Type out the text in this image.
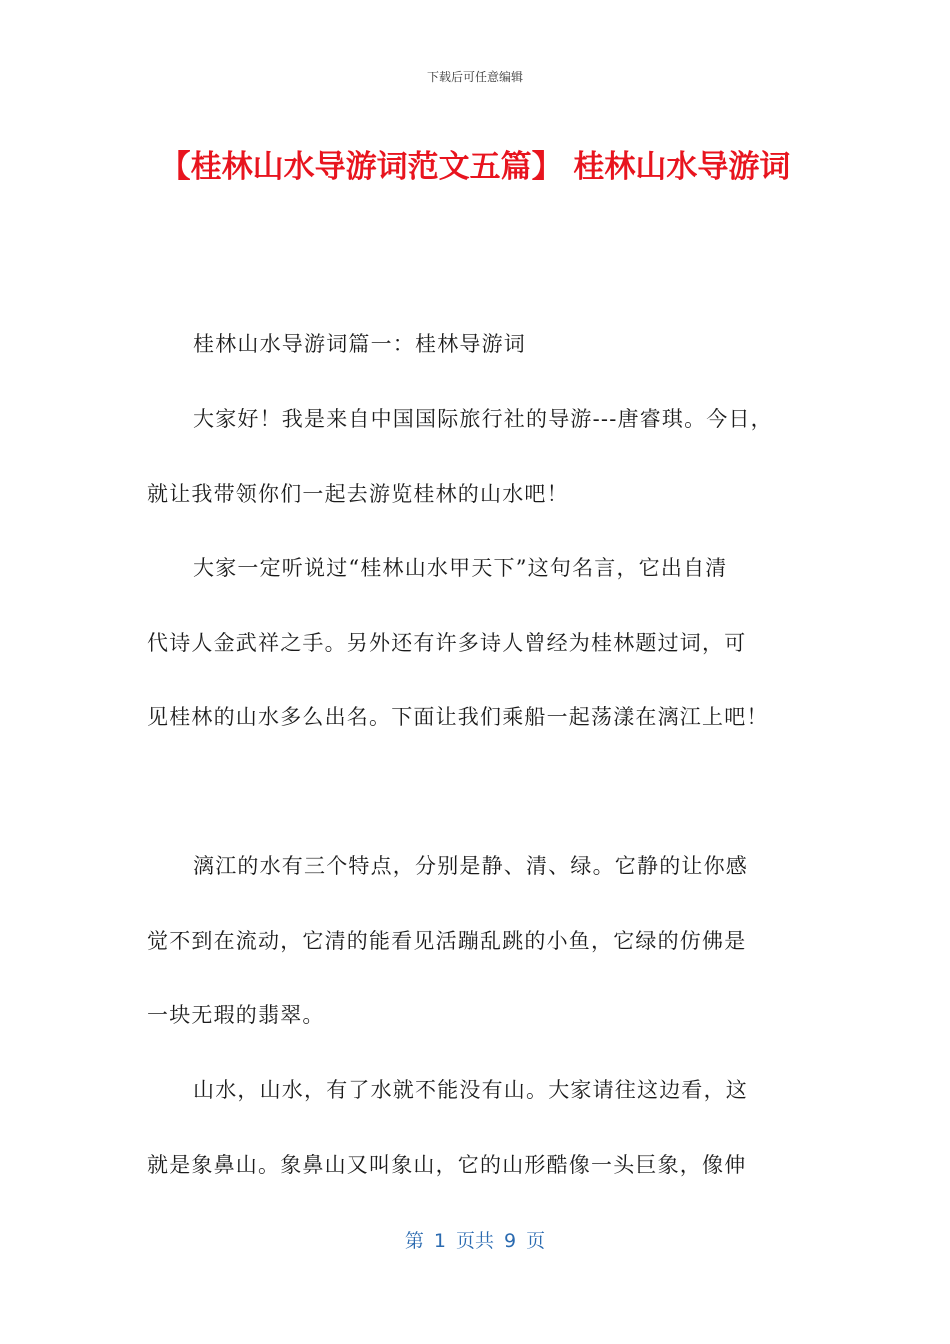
下载后可任意编辑
【桂林山水导游词范文五篇】 桂林山水导游词
桂林山水导游词篇一：桂林导游词
大家好！我是来自中国国际旅行社的导游---唐睿琪。今日，
就让我带领你们一起去游览桂林的山水吧！
大家一定听说过“桂林山水甲天下”这句名言，它出自清
代诗人金武祥之手。另外还有许多诗人曾经为桂林题过词，可
见桂林的山水多么出名。下面让我们乘船一起荡漾在漓江上吧！
漓江的水有三个特点，分别是静、清、绿。它静的让你感
觉不到在流动，它清的能看见活蹦乱跳的小鱼，它绿的仿佛是
一块无瑕的翡翠。
山水，山水，有了水就不能没有山。大家请往这边看，这
就是象鼻山。象鼻山又叫象山，它的山形酷像一头巨象，像伸
第 1 页共 9 页
